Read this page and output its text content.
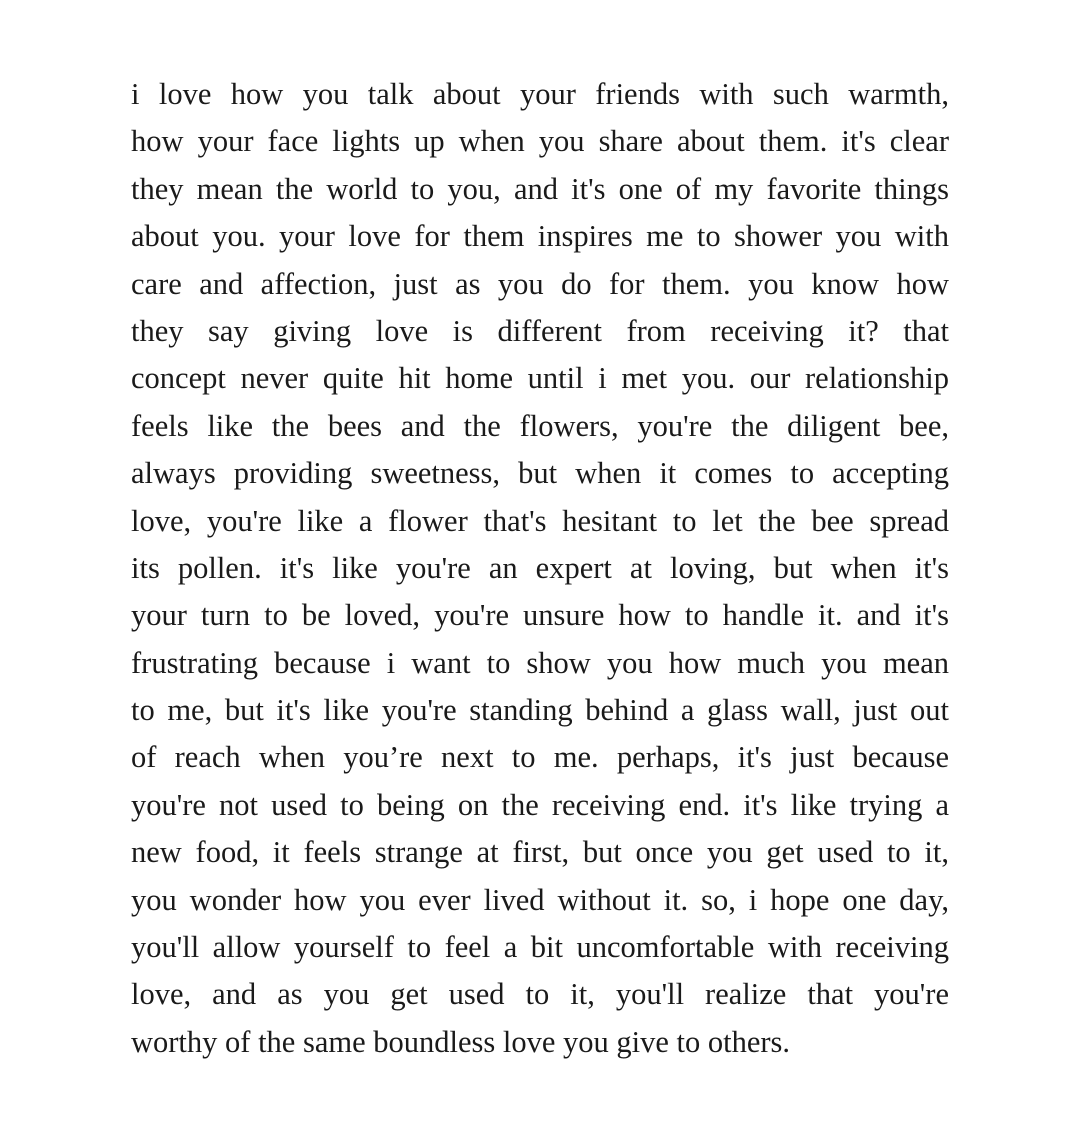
i love how you talk about your friends with such warmth,
how your face lights up when you share about them. it's clear
they mean the world to you, and it's one of my favorite things
about you. your love for them inspires me to shower you with
care and affection, just as you do for them. you know how
they say giving love is different from receiving it? that
concept never quite hit home until i met you. our relationship
feels like the bees and the flowers, you're the diligent bee,
always providing sweetness, but when it comes to accepting
love, you're like a flower that's hesitant to let the bee spread
its pollen. it's like you're an expert at loving, but when it's
your turn to be loved, you're unsure how to handle it. and it's
frustrating because i want to show you how much you mean
to me, but it's like you're standing behind a glass wall, just out
of reach when you’re next to me. perhaps, it's just because
you're not used to being on the receiving end. it's like trying a
new food, it feels strange at first, but once you get used to it,
you wonder how you ever lived without it. so, i hope one day,
you'll allow yourself to feel a bit uncomfortable with receiving
love, and as you get used to it, you'll realize that you're
worthy of the same boundless love you give to others.
